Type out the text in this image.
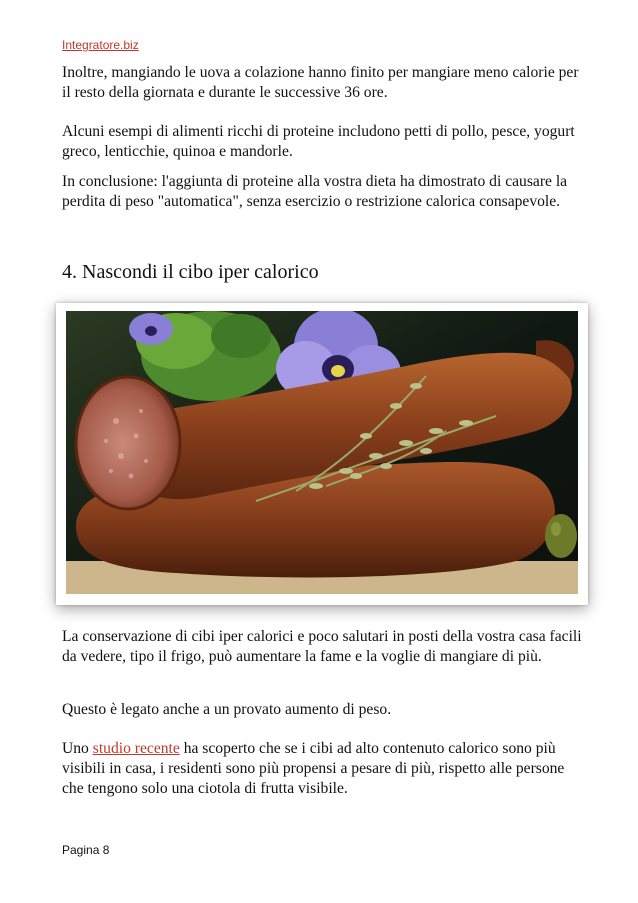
Integratore.biz

Inoltre, mangiando le uova a colazione hanno finito per mangiare meno calorie per il resto della giornata e durante le successive 36 ore.

Alcuni esempi di alimenti ricchi di proteine includono petti di pollo, pesce, yogurt greco, lenticchie, quinoa e mandorle.

In conclusione: l'aggiunta di proteine alla vostra dieta ha dimostrato di causare la perdita di peso "automatica", senza esercizio o restrizione calorica consapevole.

4. Nascondi il cibo iper calorico

La conservazione di cibi iper calorici e poco salutari in posti della vostra casa facili da vedere, tipo il frigo, può aumentare la fame e la voglie di mangiare di più.

Questo è legato anche a un provato aumento di peso.

Uno studio recente ha scoperto che se i cibi ad alto contenuto calorico sono più visibili in casa, i residenti sono più propensi a pesare di più, rispetto alle persone che tengono solo una ciotola di frutta visibile.

Pagina 8
